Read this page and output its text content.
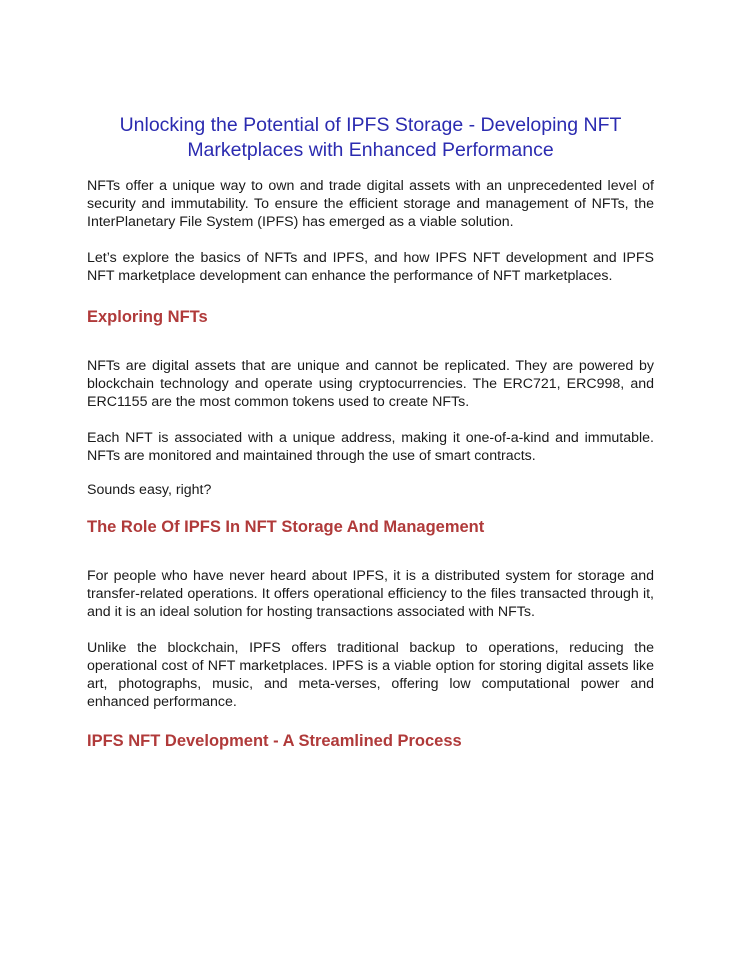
Unlocking the Potential of IPFS Storage - Developing NFT Marketplaces with Enhanced Performance

NFTs offer a unique way to own and trade digital assets with an unprecedented level of security and immutability. To ensure the efficient storage and management of NFTs, the InterPlanetary File System (IPFS) has emerged as a viable solution.

Let’s explore the basics of NFTs and IPFS, and how IPFS NFT development and IPFS NFT marketplace development can enhance the performance of NFT marketplaces.

Exploring NFTs

NFTs are digital assets that are unique and cannot be replicated. They are powered by blockchain technology and operate using cryptocurrencies. The ERC721, ERC998, and ERC1155 are the most common tokens used to create NFTs.

Each NFT is associated with a unique address, making it one-of-a-kind and immutable. NFTs are monitored and maintained through the use of smart contracts.

Sounds easy, right?

The Role Of IPFS In NFT Storage And Management

For people who have never heard about IPFS, it is a distributed system for storage and transfer-related operations. It offers operational efficiency to the files transacted through it, and it is an ideal solution for hosting transactions associated with NFTs.

Unlike the blockchain, IPFS offers traditional backup to operations, reducing the operational cost of NFT marketplaces. IPFS is a viable option for storing digital assets like art, photographs, music, and meta-verses, offering low computational power and enhanced performance.

IPFS NFT Development - A Streamlined Process
